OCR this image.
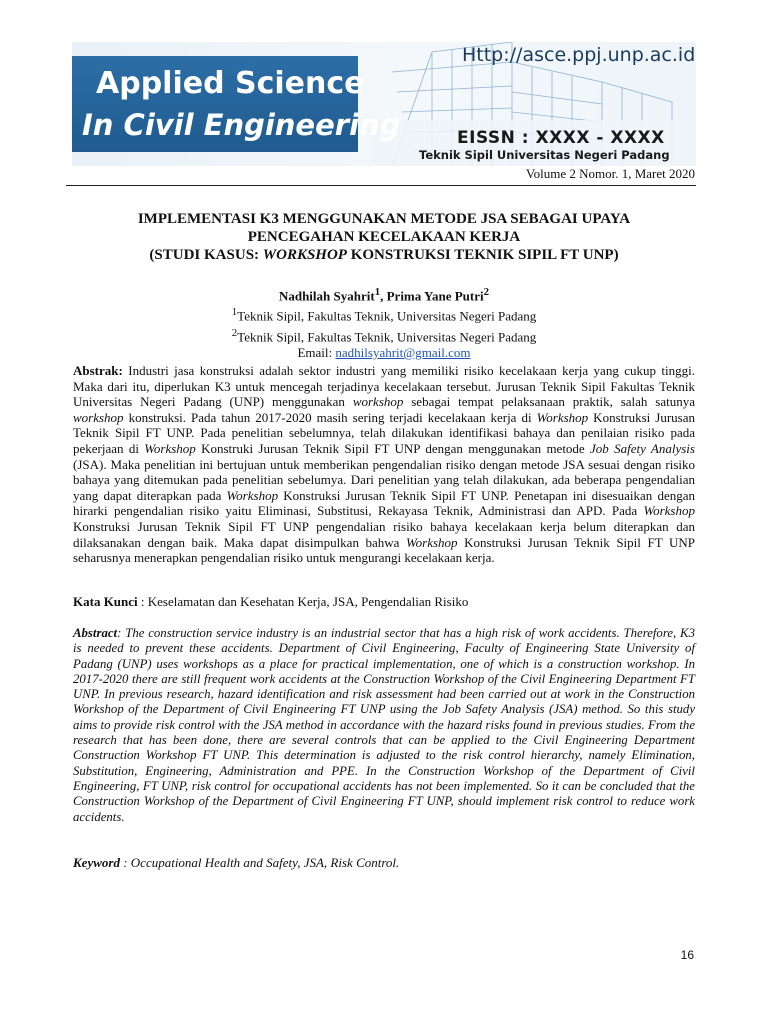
Applied Science
In Civil Engineering
Http://asce.ppj.unp.ac.id
EISSN : XXXX - XXXX
Teknik Sipil Universitas Negeri Padang
Volume 2 Nomor. 1, Maret 2020
IMPLEMENTASI K3 MENGGUNAKAN METODE JSA SEBAGAI UPAYA
PENCEGAHAN KECELAKAAN KERJA
(STUDI KASUS: WORKSHOP KONSTRUKSI TEKNIK SIPIL FT UNP)
Nadhilah Syahrit$^1$, Prima Yane Putri$^2$
$^1$Teknik Sipil, Fakultas Teknik, Universitas Negeri Padang
$^2$Teknik Sipil, Fakultas Teknik, Universitas Negeri Padang
Email: nadhilsyahrit@gmail.com
Abstrak: Industri jasa konstruksi adalah sektor industri yang memiliki risiko kecelakaan kerja yang cukup tinggi. Maka dari itu, diperlukan K3 untuk mencegah terjadinya kecelakaan tersebut. Jurusan Teknik Sipil Fakultas Teknik Universitas Negeri Padang (UNP) menggunakan workshop sebagai tempat pelaksanaan praktik, salah satunya workshop konstruksi. Pada tahun 2017-2020 masih sering terjadi kecelakaan kerja di Workshop Konstruksi Jurusan Teknik Sipil FT UNP. Pada penelitian sebelumnya, telah dilakukan identifikasi bahaya dan penilaian risiko pada pekerjaan di Workshop Konstruki Jurusan Teknik Sipil FT UNP dengan menggunakan metode Job Safety Analysis (JSA). Maka penelitian ini bertujuan untuk memberikan pengendalian risiko dengan metode JSA sesuai dengan risiko bahaya yang ditemukan pada penelitian sebelumya. Dari penelitian yang telah dilakukan, ada beberapa pengendalian yang dapat diterapkan pada Workshop Konstruksi Jurusan Teknik Sipil FT UNP. Penetapan ini disesuaikan dengan hirarki pengendalian risiko yaitu Eliminasi, Substitusi, Rekayasa Teknik, Administrasi dan APD. Pada Workshop Konstruksi Jurusan Teknik Sipil FT UNP pengendalian risiko bahaya kecelakaan kerja belum diterapkan dan dilaksanakan dengan baik. Maka dapat disimpulkan bahwa Workshop Konstruksi Jurusan Teknik Sipil FT UNP seharusnya menerapkan pengendalian risiko untuk mengurangi kecelakaan kerja.
Kata Kunci : Keselamatan dan Kesehatan Kerja, JSA, Pengendalian Risiko
Abstract: The construction service industry is an industrial sector that has a high risk of work accidents. Therefore, K3 is needed to prevent these accidents. Department of Civil Engineering, Faculty of Engineering State University of Padang (UNP) uses workshops as a place for practical implementation, one of which is a construction workshop. In 2017-2020 there are still frequent work accidents at the Construction Workshop of the Civil Engineering Department FT UNP. In previous research, hazard identification and risk assessment had been carried out at work in the Construction Workshop of the Department of Civil Engineering FT UNP using the Job Safety Analysis (JSA) method. So this study aims to provide risk control with the JSA method in accordance with the hazard risks found in previous studies. From the research that has been done, there are several controls that can be applied to the Civil Engineering Department Construction Workshop FT UNP. This determination is adjusted to the risk control hierarchy, namely Elimination, Substitution, Engineering, Administration and PPE. In the Construction Workshop of the Department of Civil Engineering, FT UNP, risk control for occupational accidents has not been implemented. So it can be concluded that the Construction Workshop of the Department of Civil Engineering FT UNP, should implement risk control to reduce work accidents.
Keyword : Occupational Health and Safety, JSA, Risk Control.
16
